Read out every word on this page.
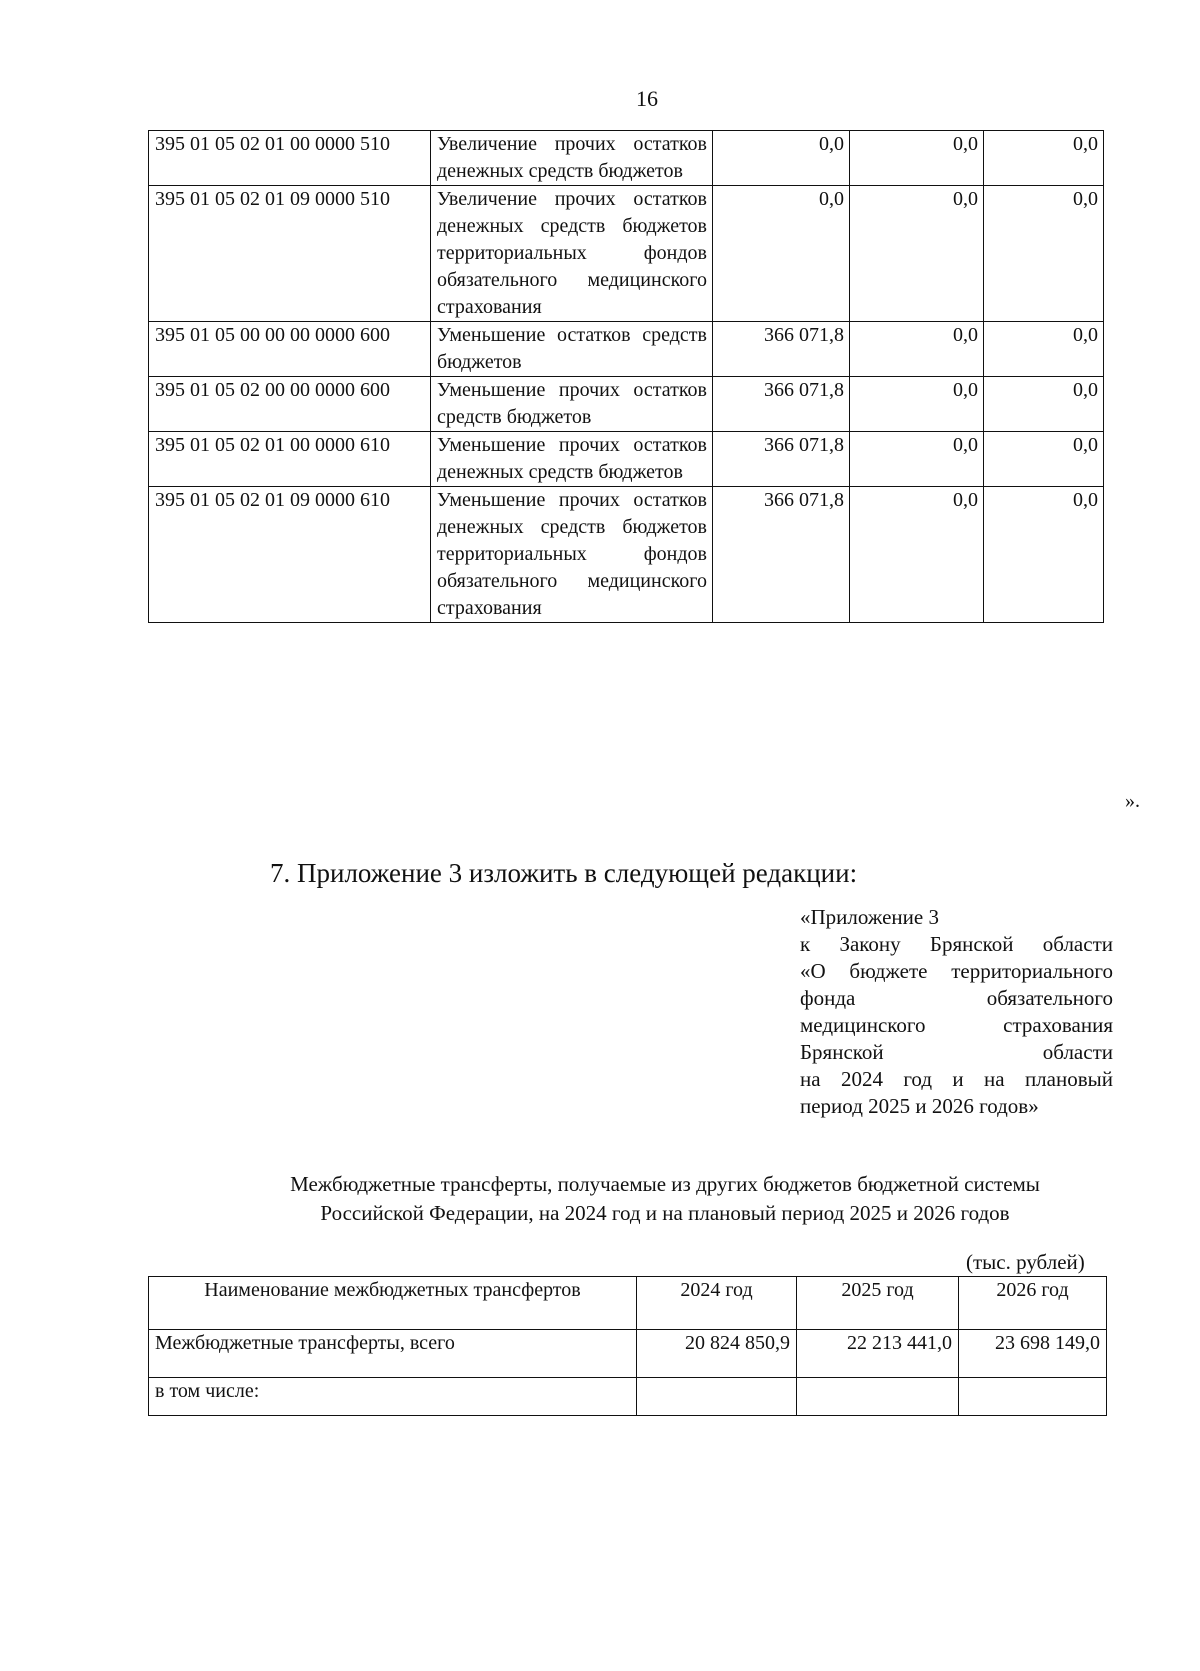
16
395 01 05 02 01 00 0000 510	Увеличение прочих остатков денежных средств бюджетов	0,0	0,0	0,0
395 01 05 02 01 09 0000 510	Увеличение прочих остатков денежных средств бюджетов территориальных фондов обязательного медицинского страхования	0,0	0,0	0,0
395 01 05 00 00 00 0000 600	Уменьшение остатков средств бюджетов	366 071,8	0,0	0,0
395 01 05 02 00 00 0000 600	Уменьшение прочих остатков средств бюджетов	366 071,8	0,0	0,0
395 01 05 02 01 00 0000 610	Уменьшение прочих остатков денежных средств бюджетов	366 071,8	0,0	0,0
395 01 05 02 01 09 0000 610	Уменьшение прочих остатков денежных средств бюджетов территориальных фондов обязательного медицинского страхования	366 071,8	0,0	0,0
».
7. Приложение 3 изложить в следующей редакции:
«Приложение 3
к Закону Брянской области
«О бюджете территориального
фонда обязательного
медицинского страхования
Брянской области
на 2024 год и на плановый
период 2025 и 2026 годов»
Межбюджетные трансферты, получаемые из других бюджетов бюджетной системы
Российской Федерации, на 2024 год и на плановый период 2025 и 2026 годов
(тыс. рублей)
Наименование межбюджетных трансфертов	2024 год	2025 год	2026 год
Межбюджетные трансферты, всего	20 824 850,9	22 213 441,0	23 698 149,0
в том числе:			
